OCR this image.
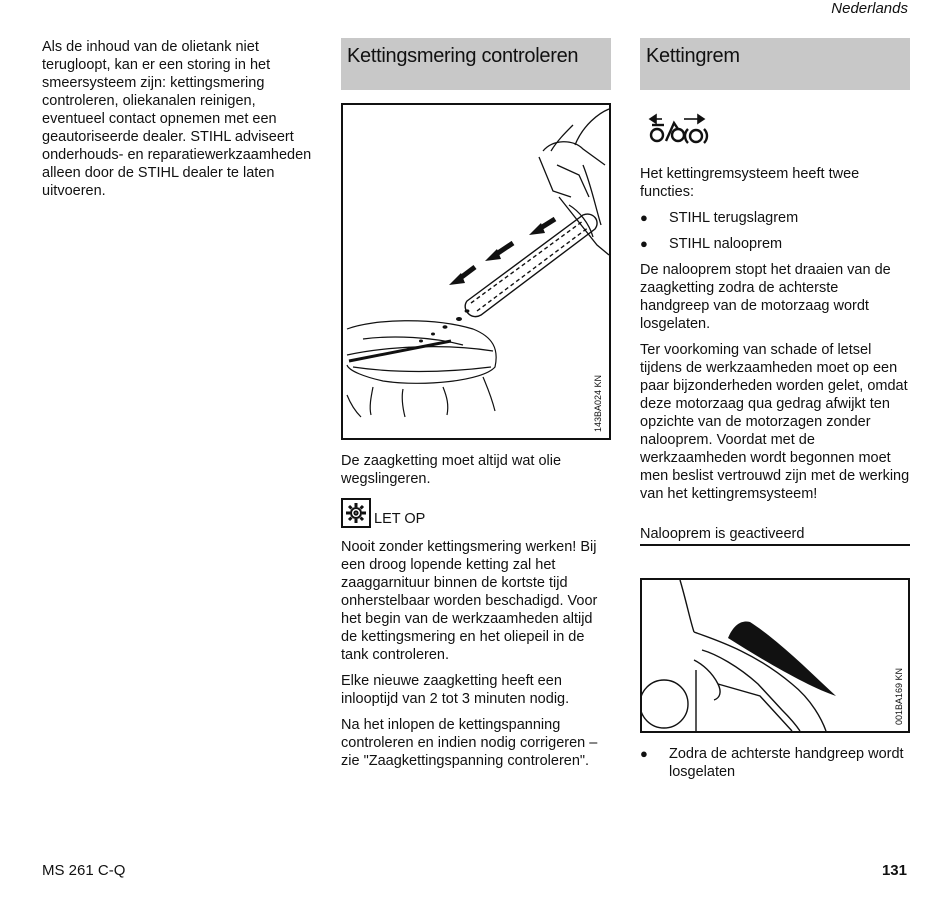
Nederlands

Als de inhoud van de olietank niet terugloopt, kan er een storing in het smeersysteem zijn: kettingsmering controleren, oliekanalen reinigen, eventueel contact opnemen met een geautoriseerde dealer. STIHL adviseert onderhouds- en reparatiewerkzaamheden alleen door de STIHL dealer te laten uitvoeren.

Kettingsmering controleren
143BA024 KN

De zaagketting moet altijd wat olie wegslingeren.

LET OP

Nooit zonder kettingsmering werken! Bij een droog lopende ketting zal het zaaggarnituur binnen de kortste tijd onherstelbaar worden beschadigd. Voor het begin van de werkzaamheden altijd de kettingsmering en het oliepeil in de tank controleren.

Elke nieuwe zaagketting heeft een inlooptijd van 2 tot 3 minuten nodig.

Na het inlopen de kettingspanning controleren en indien nodig corrigeren – zie "Zaagkettingspanning controleren".

Kettingrem

Het kettingremsysteem heeft twee functies:

●	STIHL terugslagrem
●	STIHL nalooprem

De nalooprem stopt het draaien van de zaagketting zodra de achterste handgreep van de motorzaag wordt losgelaten.

Ter voorkoming van schade of letsel tijdens de werkzaamheden moet op een paar bijzonderheden worden gelet, omdat deze motorzaag qua gedrag afwijkt ten opzichte van de motorzagen zonder nalooprem. Voordat met de werkzaamheden wordt begonnen moet men beslist vertrouwd zijn met de werking van het kettingremsysteem!

Nalooprem is geactiveerd
001BA169 KN
●	Zodra de achterste handgreep wordt losgelaten
MS 261 C-Q	131
